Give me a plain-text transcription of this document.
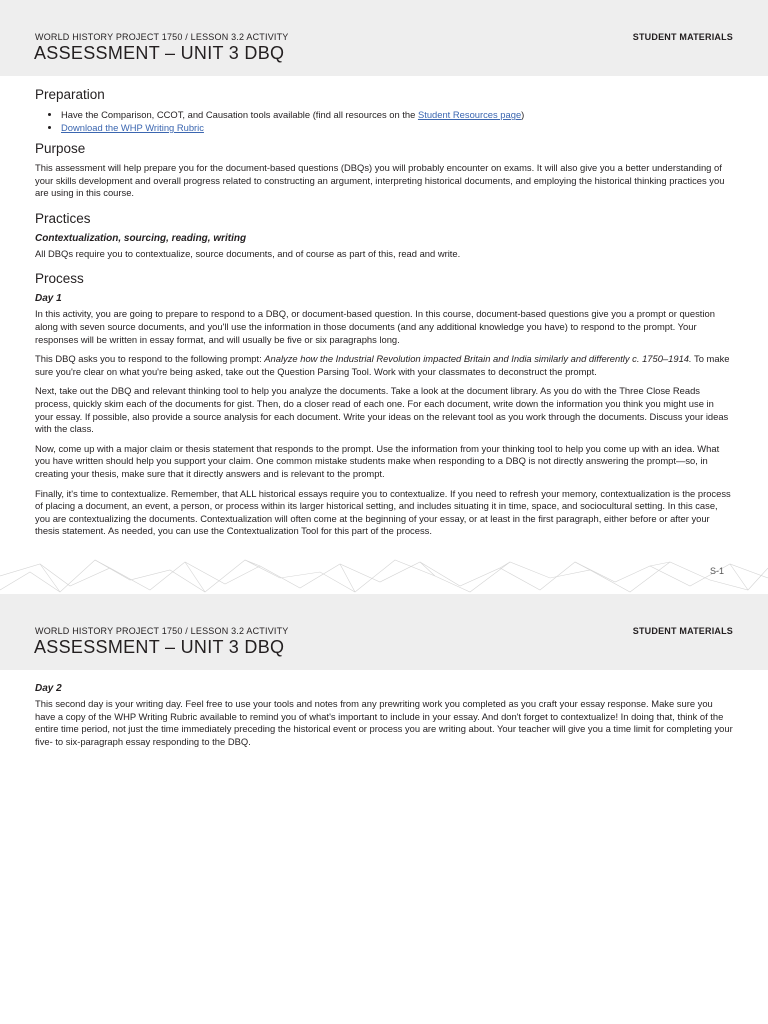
WORLD HISTORY PROJECT 1750 / LESSON 3.2 ACTIVITY	STUDENT MATERIALS
ASSESSMENT – UNIT 3 DBQ
Preparation
• Have the Comparison, CCOT, and Causation tools available (find all resources on the Student Resources page)
• Download the WHP Writing Rubric
Purpose

This assessment will help prepare you for the document-based questions (DBQs) you will probably encounter on exams. It will also give you a better understanding of your skills development and overall progress related to constructing an argument, interpreting historical documents, and employing the historical thinking practices you are using in this course.

Practices
Contextualization, sourcing, reading, writing

All DBQs require you to contextualize, source documents, and of course as part of this, read and write.

Process
Day 1

In this activity, you are going to prepare to respond to a DBQ, or document-based question. In this course, document-based questions give you a prompt or question along with seven source documents, and you'll use the information in those documents (and any additional knowledge you have) to respond to the prompt. Your responses will be written in essay format, and will usually be five or six paragraphs long.

This DBQ asks you to respond to the following prompt: Analyze how the Industrial Revolution impacted Britain and India similarly and differently c. 1750–1914. To make sure you're clear on what you're being asked, take out the Question Parsing Tool. Work with your classmates to deconstruct the prompt.

Next, take out the DBQ and relevant thinking tool to help you analyze the documents. Take a look at the document library. As you do with the Three Close Reads process, quickly skim each of the documents for gist. Then, do a closer read of each one. For each document, write down the information you think you might use in your essay. If possible, also provide a source analysis for each document. Write your ideas on the relevant tool as you work through the documents. Discuss your ideas with the class.

Now, come up with a major claim or thesis statement that responds to the prompt. Use the information from your thinking tool to help you come up with an idea. What you have written should help you support your claim. One common mistake students make when responding to a DBQ is not directly answering the prompt—so, in creating your thesis, make sure that it directly answers and is relevant to the prompt.

Finally, it's time to contextualize. Remember, that ALL historical essays require you to contextualize. If you need to refresh your memory, contextualization is the process of placing a document, an event, a person, or process within its larger historical setting, and includes situating it in time, space, and sociocultural setting. In this case, you are contextualizing the documents. Contextualization will often come at the beginning of your essay, or at least in the first paragraph, either before or after your thesis statement. As needed, you can use the Contextualization Tool for this part of the process.

S-1
WORLD HISTORY PROJECT 1750 / LESSON 3.2 ACTIVITY	STUDENT MATERIALS
ASSESSMENT – UNIT 3 DBQ
Day 2

This second day is your writing day. Feel free to use your tools and notes from any prewriting work you completed as you craft your essay response. Make sure you have a copy of the WHP Writing Rubric available to remind you of what's important to include in your essay. And don't forget to contextualize! In doing that, think of the entire time period, not just the time immediately preceding the historical event or process you are writing about. Your teacher will give you a time limit for completing your five- to six-paragraph essay responding to the DBQ.
